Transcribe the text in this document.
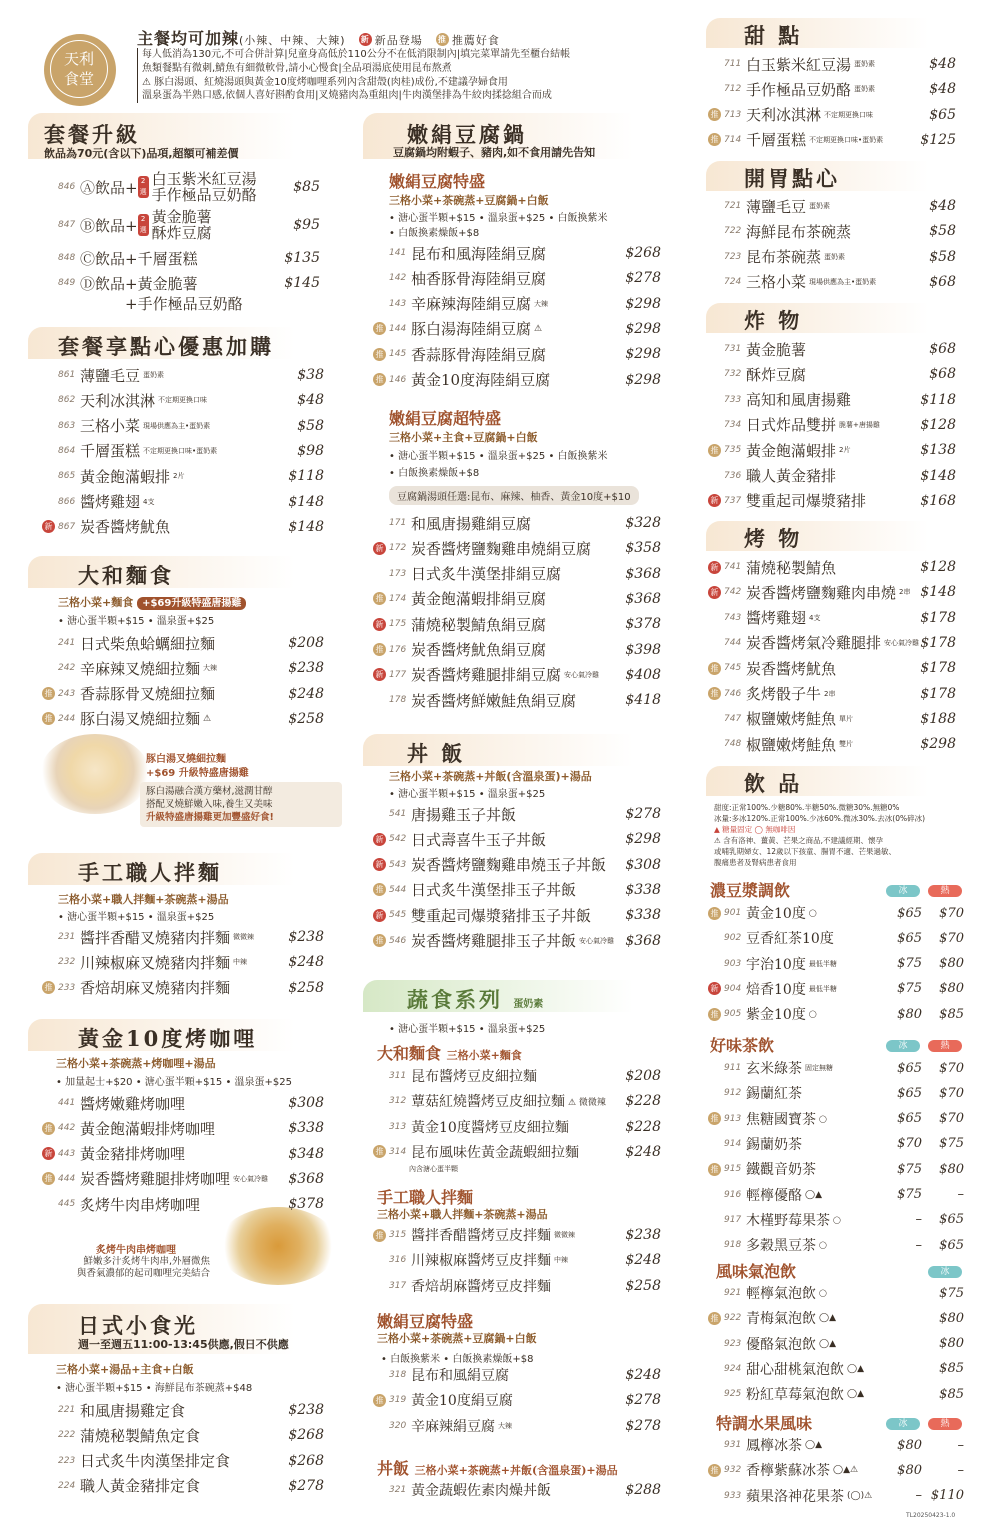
天利食堂
主餐均可加辣(小辣、中辣、大辣) 新 新品登場 推 推薦好食
每人低消為130元,不可合併計算|兒童身高低於110公分不在低消限制內|填完菜單請先至櫃台結帳
魚類餐點有微刺,鯖魚有細微軟骨,請小心慢食|全品項湯底使用昆布熬煮
⚠ 豚白湯頭、紅燒湯頭與黃金10度烤咖哩系列內含甜殼(肉桂)成份,不建議孕婦食用
溫泉蛋為半熟口感,依個人喜好斟酌食用|叉燒豬肉為重組肉|牛肉漢堡排為牛絞肉揉捻組合而成
套餐升級
飲品為70元(含以下)品項,超額可補差價
846 Ⓐ飲品+ 2選1
白玉紫米紅豆湯
手作極品豆奶酪	$85
847 Ⓑ飲品+ 2選1
黃金脆薯
酥炸豆腐	$95
848 Ⓒ飲品+千層蛋糕	$135
849 Ⓓ飲品+黃金脆薯	$145
+手作極品豆奶酪
套餐享點心優惠加購
861 薄鹽毛豆 蛋奶素	$38
862 天利冰淇淋 不定期更換口味	$48
863 三格小菜 現場供應為主•蛋奶素	$58
864 千層蛋糕 不定期更換口味•蛋奶素	$98
865 黃金飽滿蝦排 2片	$118
866 醬烤雞翅 4支	$148
新 867 炭香醬烤魷魚	$148
大和麵食
三格小菜+麵食 +$69升級特盛唐揚雞
• 溏心蛋半顆+$15 • 溫泉蛋+$25
豚白湯叉燒細拉麵
+$69 升級特盛唐揚雞
豚白湯融合漢方藥材,滋潤甘醇
搭配叉燒鮮嫩入味,養生又美味
升級特盛唐揚雞更加豐盛好食!
241 日式柴魚蛤蠣細拉麵	$208
242 辛麻辣叉燒細拉麵 大辣	$238
推 243 香蒜豚骨叉燒細拉麵	$248
推 244 豚白湯叉燒細拉麵 ⚠	$258
手工職人拌麵
三格小菜+職人拌麵+茶碗蒸+湯品
• 溏心蛋半顆+$15 • 溫泉蛋+$25
231 醬拌香醋叉燒豬肉拌麵 微微辣 $238
232 川辣椒麻叉燒豬肉拌麵 中辣	$248
推 233 香焙胡麻叉燒豬肉拌麵	$258
黃金10度烤咖哩
三格小菜+茶碗蒸+烤咖哩+湯品
• 加量起士+$20 • 溏心蛋半顆+$15 • 溫泉蛋+$25
炙烤牛肉串烤咖哩
鮮嫩多汁炙烤牛肉串,外層微焦
與香氣濃郁的起司咖哩完美結合
441 醬烤嫩雞烤咖哩	$308
推 442 黃金飽滿蝦排烤咖哩	$338
新 443 黃金豬排烤咖哩	$348
推 444 炭香醬烤雞腿排烤咖哩 安心氣冷雞 $368
445 炙烤牛肉串烤咖哩	$378
日式小食光
週一至週五11:00-13:45供應,假日不供應
三格小菜+湯品+主食+白飯
• 溏心蛋半顆+$15 • 海鮮昆布茶碗蒸+$48
221 和風唐揚雞定食	$238
222 蒲燒秘製鯖魚定食	$268
223 日式炙牛肉漢堡排定食	$268
224 職人黃金豬排定食	$278
嫩絹豆腐鍋
豆腐鍋均附蝦子、豬肉,如不食用請先告知
嫩絹豆腐特盛
三格小菜+茶碗蒸+豆腐鍋+白飯
• 溏心蛋半顆+$15 • 溫泉蛋+$25 • 白飯換紫米
• 白飯換素燥飯+$8
嫩絹豆腐超特盛
三格小菜+主食+豆腐鍋+白飯
• 溏心蛋半顆+$15 • 溫泉蛋+$25 • 白飯換紫米
• 白飯換素燥飯+$8
豆腐鍋湯頭任選:昆布、麻辣、柚香、黃金10度+$10
141 昆布和風海陸絹豆腐	$268
142 柚香豚骨海陸絹豆腐	$278
143 辛麻辣海陸絹豆腐 大辣	$298
推 144 豚白湯海陸絹豆腐 ⚠	$298
推 145 香蒜豚骨海陸絹豆腐	$298
推 146 黃金10度海陸絹豆腐	$298
171 和風唐揚雞絹豆腐	$328
新 172 炭香醬烤鹽麴雞串燒絹豆腐 $358
173 日式炙牛漢堡排絹豆腐	$368
推 174 黃金飽滿蝦排絹豆腐	$368
新 175 蒲燒秘製鯖魚絹豆腐	$378
推 176 炭香醬烤魷魚絹豆腐	$398
新 177 炭香醬烤雞腿排絹豆腐 安心氣冷雞 $408
178 炭香醬烤鮮嫩鮭魚絹豆腐	$418
丼 飯
三格小菜+茶碗蒸+丼飯(含溫泉蛋)+湯品
• 溏心蛋半顆+$15 • 溫泉蛋+$25
541 唐揚雞玉子丼飯	$278
新 542 日式壽喜牛玉子丼飯	$298
新 543 炭香醬烤鹽麴雞串燒玉子丼飯 $308
推 544 日式炙牛漢堡排玉子丼飯	$338
新 545 雙重起司爆漿豬排玉子丼飯 $338
推 546 炭香醬烤雞腿排玉子丼飯 安心氣冷雞 $368
蔬食系列 蛋奶素
• 溏心蛋半顆+$15 • 溫泉蛋+$25
大和麵食 三格小菜+麵食
內含溏心蛋半顆
手工職人拌麵
三格小菜+職人拌麵+茶碗蒸+湯品
嫩絹豆腐特盛
三格小菜+茶碗蒸+豆腐鍋+白飯
• 白飯換紫米 • 白飯換素燥飯+$8
丼飯 三格小菜+茶碗蒸+丼飯(含溫泉蛋)+湯品
311 昆布醬烤豆皮細拉麵	$208
312 蕈菇紅燒醬烤豆皮細拉麵 ⚠ 微微辣 $228
313 黃金10度醬烤豆皮細拉麵	$228
推 314 昆布風味佐黃金蔬蝦細拉麵	$248
推 315 醬拌香醋醬烤豆皮拌麵 微微辣	$238
316 川辣椒麻醬烤豆皮拌麵 中辣	$248
317 香焙胡麻醬烤豆皮拌麵	$258
318 昆布和風絹豆腐	$248
推 319 黃金10度絹豆腐	$278
320 辛麻辣絹豆腐 大辣	$278
321 黃金蔬蝦佐素肉燥丼飯	$288
甜 點
711 白玉紫米紅豆湯 蛋奶素	$48
712 手作極品豆奶酪 蛋奶素	$48
推 713 天利冰淇淋 不定期更換口味	$65
推 714 千層蛋糕 不定期更換口味•蛋奶素	$125
開胃點心
721 薄鹽毛豆 蛋奶素	$48
722 海鮮昆布茶碗蒸	$58
723 昆布茶碗蒸 蛋奶素	$58
724 三格小菜 現場供應為主•蛋奶素	$68
炸 物
731 黃金脆薯	$68
732 酥炸豆腐	$68
733 高知和風唐揚雞	$118
734 日式炸品雙拼 脆薯+唐揚雞	$128
推 735 黃金飽滿蝦排 2片	$138
736 職人黃金豬排	$148
新 737 雙重起司爆漿豬排	$168
烤 物
新 741 蒲燒秘製鯖魚	$128
新 742 炭香醬烤鹽麴雞肉串燒 2串 $148
743 醬烤雞翅 4支	$178
744 炭香醬烤氣冷雞腿排 安心氣冷雞 $178
推 745 炭香醬烤魷魚	$178
推 746 炙烤骰子牛 2串	$178
747 椒鹽嫩烤鮭魚 單片	$188
748 椒鹽嫩烤鮭魚 雙片	$298
飲 品
甜度:正常100%.少糖80%.半糖50%.微糖30%.無糖0%
冰量:多冰120%.正常100%.少冰60%.微冰30%.去冰(0%碎冰)
▲ 糖量固定 ◯ 無咖啡因
⚠ 含有洛神、薑黃、芒果之商品,不建議經期、懷孕
或哺乳期婦女、12歲以下孩童、腸胃不適、芒果過敏、
腹痛患者及腎病患者食用
濃豆漿調飲	冰	熱
好味茶飲	冰	熱
風味氣泡飲	冰
特調水果風味	冰	熱
TL20250423-1.0
推 901 黃金10度 ◯	$65	$70
902 豆香紅茶10度	$65	$70
903 宇治10度 最低半糖	$75	$80
新 904 焙香10度 最低半糖	$75	$80
推 905 紫金10度 ◯	$80	$85
911 玄米綠茶 固定無糖	$65	$70
912 錫蘭紅茶	$65	$70
推 913 焦糖國寶茶 ◯	$65	$70
914 錫蘭奶茶	$70	$75
推 915 鐵觀音奶茶	$75	$80
916 輕檸優酪 ◯▲	$75	–
917 木槿野莓果茶 ◯	–	$65
918 多穀黑豆茶 ◯	–	$65
921 輕檸氣泡飲 ◯	$75
推 922 青梅氣泡飲 ◯▲	$80
923 優酪氣泡飲 ◯▲	$80
924 甜心甜桃氣泡飲 ◯▲	$85
925 粉紅草莓氣泡飲 ◯▲	$85
931 鳳檸冰茶 ◯▲	$80	–
推 932 香檸紫蘇冰茶 ◯▲⚠	$80	–
933 蘋果洛神花果茶 (◯)⚠	– $110
